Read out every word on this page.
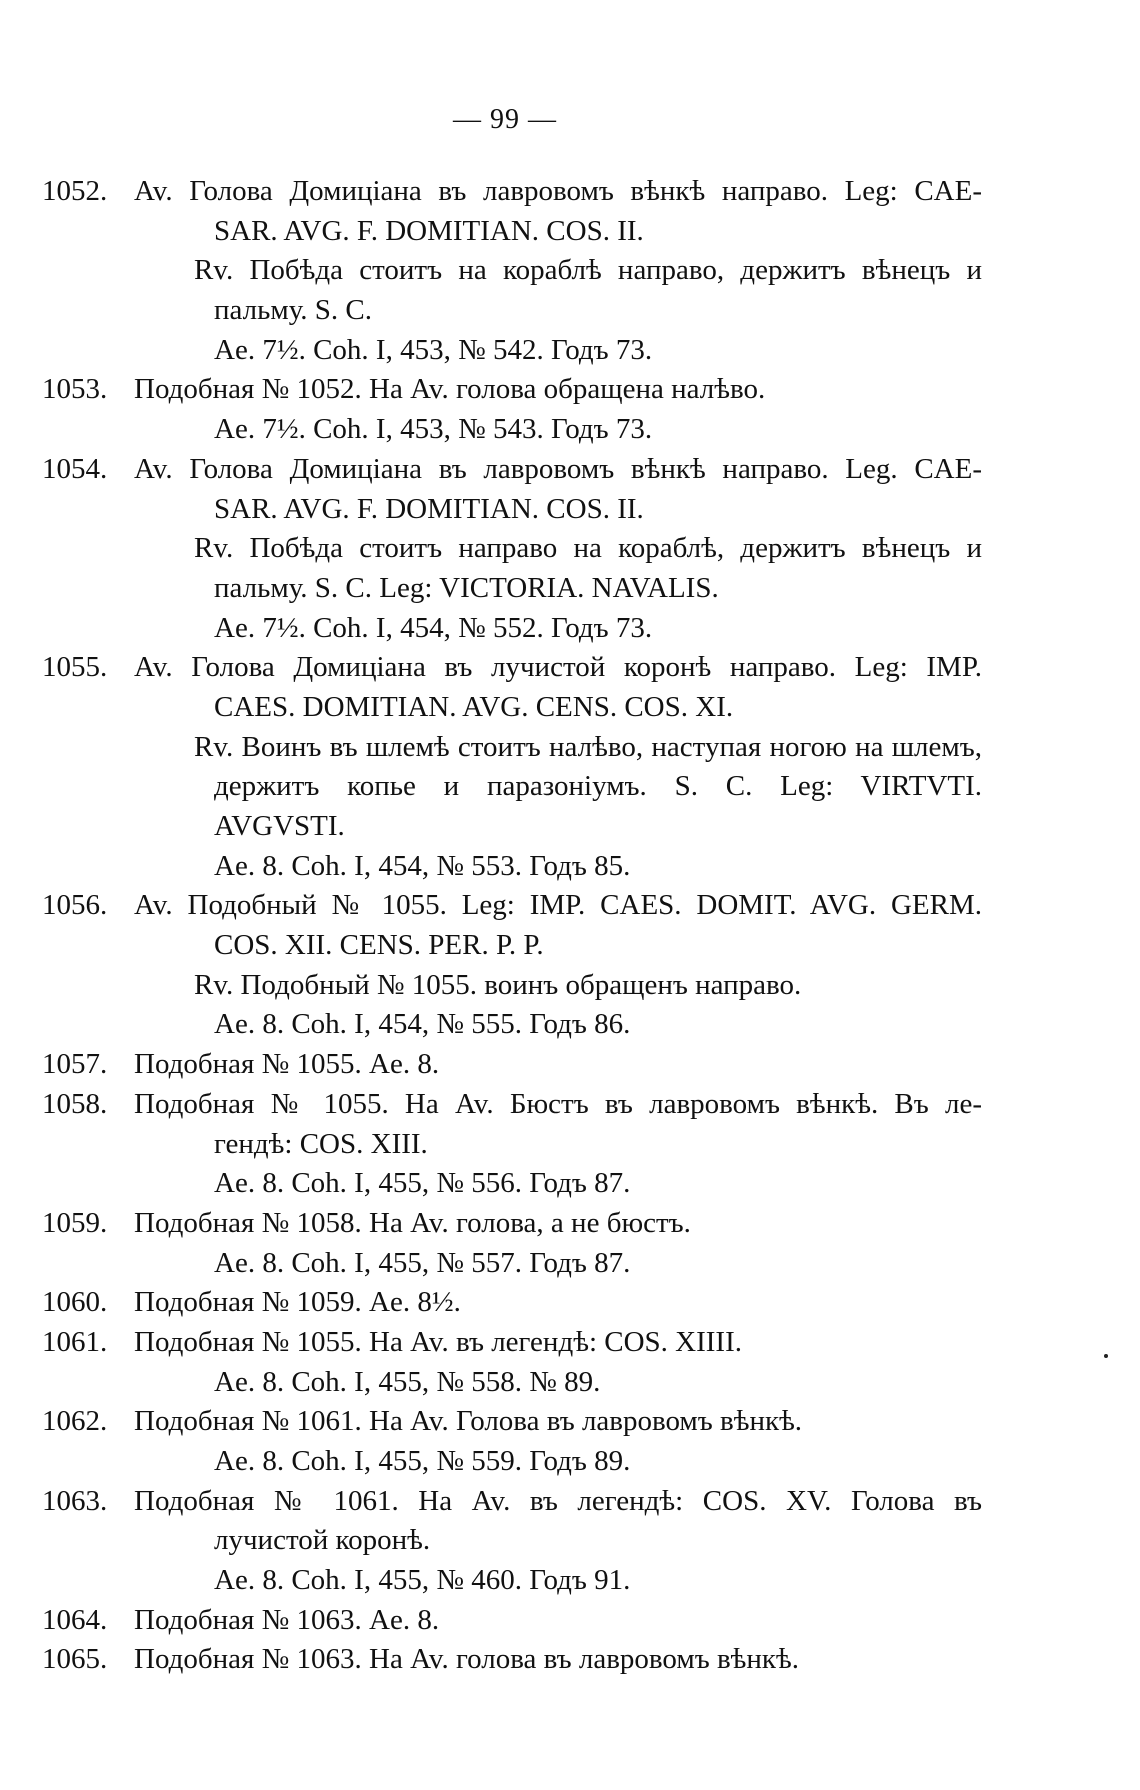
— 99 —
1052. Av. Голова Домиціана въ лавровомъ вѣнкѣ направо. Leg: CAE-
SAR. AVG. F. DOMITIAN. COS. II.
Rv. Побѣда стоитъ на кораблѣ направо, держитъ вѣнецъ и
пальму. S. C.
Ae. 7½. Coh. I, 453, № 542. Годъ 73.
1053. Подобная № 1052. На Av. голова обращена налѣво.
Ae. 7½. Coh. I, 453, № 543. Годъ 73.
1054. Av. Голова Домиціана въ лавровомъ вѣнкѣ направо. Leg. CAE-
SAR. AVG. F. DOMITIAN. COS. II.
Rv. Побѣда стоитъ направо на кораблѣ, держитъ вѣнецъ и
пальму. S. C. Leg: VICTORIA. NAVALIS.
Ae. 7½. Coh. I, 454, № 552. Годъ 73.
1055. Av. Голова Домиціана въ лучистой коронѣ направо. Leg: IMP.
CAES. DOMITIAN. AVG. CENS. COS. XI.
Rv. Воинъ въ шлемѣ стоитъ налѣво, наступая ногою на шлемъ,
держитъ копье и паразоніумъ. S. C. Leg: VIRTVTI.
AVGVSTI.
Ae. 8. Coh. I, 454, № 553. Годъ 85.
1056. Av. Подобный № 1055. Leg: IMP. CAES. DOMIT. AVG. GERM.
COS. XII. CENS. PER. P. P.
Rv. Подобный № 1055. воинъ обращенъ направо.
Ae. 8. Coh. I, 454, № 555. Годъ 86.
1057. Подобная № 1055. Ae. 8.
1058. Подобная № 1055. На Av. Бюстъ въ лавровомъ вѣнкѣ. Въ ле-
гендѣ: COS. XIII.
Ae. 8. Coh. I, 455, № 556. Годъ 87.
1059. Подобная № 1058. На Av. голова, а не бюстъ.
Ae. 8. Coh. I, 455, № 557. Годъ 87.
1060. Подобная № 1059. Ae. 8½.
1061. Подобная № 1055. На Av. въ легендѣ: COS. XIIII.
Ae. 8. Coh. I, 455, № 558. № 89.
1062. Подобная № 1061. На Av. Голова въ лавровомъ вѣнкѣ.
Ae. 8. Coh. I, 455, № 559. Годъ 89.
1063. Подобная № 1061. На Av. въ легендѣ: COS. XV. Голова въ
лучистой коронѣ.
Ae. 8. Coh. I, 455, № 460. Годъ 91.
1064. Подобная № 1063. Ae. 8.
1065. Подобная № 1063. На Av. голова въ лавровомъ вѣнкѣ.
